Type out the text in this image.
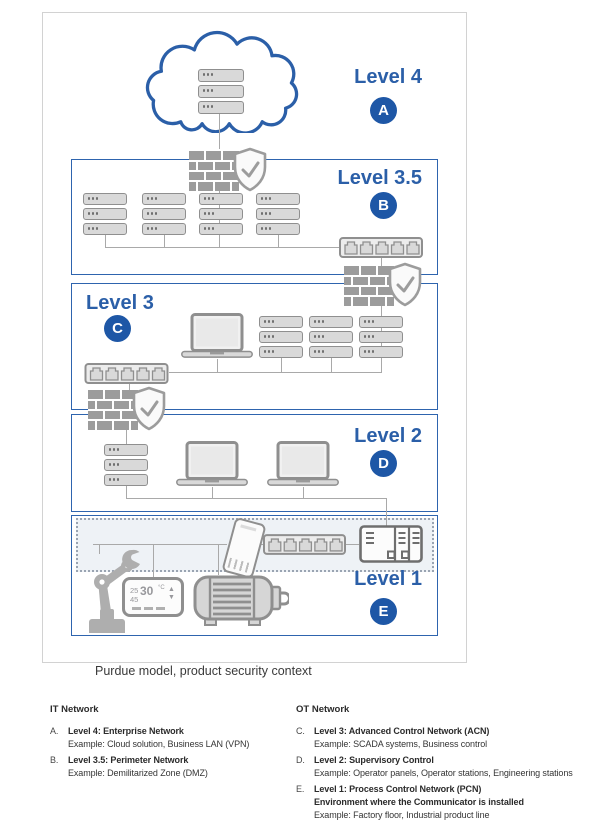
Level 4
A
Level 3.5
B
Level 3
C
Level 2
D
Level 1
E
25 30 °C
45
▲
▼
Purdue model, product security context
IT Network
A.	Level 4: Enterprise Network
Example: Cloud solution, Business LAN (VPN)
B.	Level 3.5: Perimeter Network
Example: Demilitarized Zone (DMZ)
OT Network
C.	Level 3: Advanced Control Network (ACN)
Example: SCADA systems, Business control
D.	Level 2: Supervisory Control
Example: Operator panels, Operator stations, Engineering stations
E.	Level 1: Process Control Network (PCN)
Environment where the Communicator is installed
Example: Factory floor, Industrial product line
